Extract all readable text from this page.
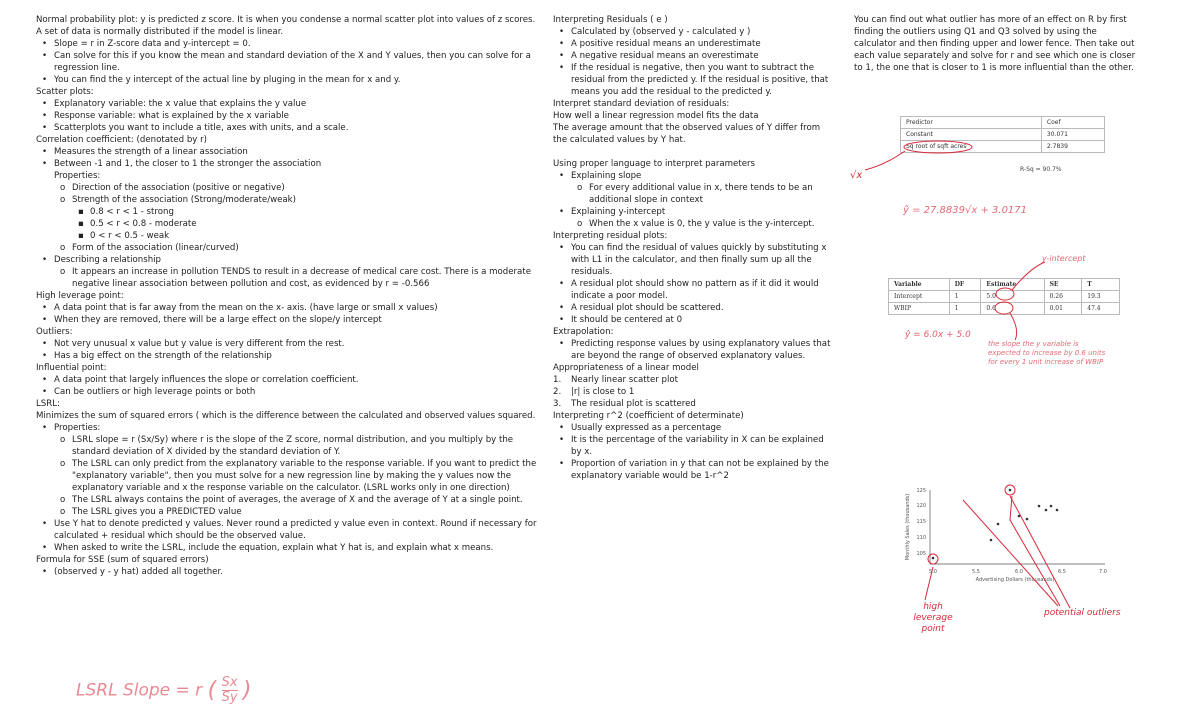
Normal probability plot: y is predicted z score. It is when you condense a normal scatter plot into values of z scores. A set of data is normally distributed if the model is linear.
• Slope = r in Z-score data and y-intercept = 0.
• Can solve for this if you know the mean and standard deviation of the X and Y values, then you can solve for a regression line.
• You can find the y intercept of the actual line by pluging in the mean for x and y.
Scatter plots:
• Explanatory variable: the x value that explains the y value
• Response variable: what is explained by the x variable
• Scatterplots you want to include a title, axes with units, and a scale.
Correlation coefficient: (denotated by r)
• Measures the strength of a linear association
• Between -1 and 1, the closer to 1 the stronger the association
Properties:
o Direction of the association (positive or negative)
o Strength of the association (Strong/moderate/weak)
▪ 0.8 < r < 1 - strong
▪ 0.5 < r < 0.8 - moderate
▪ 0 < r < 0.5 - weak
o Form of the association (linear/curved)
• Describing a relationship
o It appears an increase in pollution TENDS to result in a decrease of medical care cost. There is a moderate negative linear association between pollution and cost, as evidenced by r = -0.566
High leverage point:
• A data point that is far away from the mean on the x- axis. (have large or small x values)
• When they are removed, there will be a large effect on the slope/y intercept
Outliers:
• Not very unusual x value but y value is very different from the rest.
• Has a big effect on the strength of the relationship
Influential point:
• A data point that largely influences the slope or correlation coefficient.
• Can be outliers or high leverage points or both
LSRL:
Minimizes the sum of squared errors ( which is the difference between the calculated and observed values squared.
• Properties:
o LSRL slope = r (Sx/Sy) where r is the slope of the Z score, normal distribution, and you multiply by the standard deviation of X divided by the standard deviation of Y.
o The LSRL can only predict from the explanatory variable to the response variable. If you want to predict the "explanatory variable", then you must solve for a new regression line by making the y values now the explanatory variable and x the response variable on the calculator. (LSRL works only in one direction)
o The LSRL always contains the point of averages, the average of X and the average of Y at a single point.
o The LSRL gives you a PREDICTED value
• Use Y hat to denote predicted y values. Never round a predicted y value even in context. Round if necessary for calculated + residual which should be the observed value.
• When asked to write the LSRL, include the equation, explain what Y hat is, and explain what x means.
Formula for SSE (sum of squared errors)
• (observed y - y hat) added all together.
Interpreting Residuals ( e )
• Calculated by (observed y - calculated y )
• A positive residual means an underestimate
• A negative residual means an overestimate
• If the residual is negative, then you want to subtract the residual from the predicted y. If the residual is positive, that means you add the residual to the predicted y.
Interpret standard deviation of residuals:
How well a linear regression model fits the data
The average amount that the observed values of Y differ from the calculated values by Y hat.
Using proper language to interpret parameters
• Explaining slope
o For every additional value in x, there tends to be an additional slope in context
• Explaining y-intercept
o When the x value is 0, the y value is the y-intercept.
Interpreting residual plots:
• You can find the residual of values quickly by substituting x with L1 in the calculator, and then finally sum up all the residuals.
• A residual plot should show no pattern as if it did it would indicate a poor model.
• A residual plot should be scattered.
• It should be centered at 0
Extrapolation:
• Predicting response values by using explanatory values that are beyond the range of observed explanatory values.
Appropriateness of a linear model
1. Nearly linear scatter plot
2. |r| is close to 1
3. The residual plot is scattered
Interpreting r^2 (coefficient of determinate)
• Usually expressed as a percentage
• It is the percentage of the variability in X can be explained by x.
• Proportion of variation in y that can not be explained by the explanatory variable would be 1-r^2
You can find out what outlier has more of an effect on R by first finding the outliers using Q1 and Q3 solved by using the calculator and then finding upper and lower fence. Then take out each value separately and solve for r and see which one is closer to 1, the one that is closer to 1 is more influential than the other.
Predictor	Coef
Constant	30.071
Sq root of sqft acres	2.7839
R-Sq = 90.7%
Variable	DF	Estimate	SE	T
Intercept	1	5.0	0.26	19.3
WBIP	1	0.6	0.01	47.4
125
120
115
110
105
5.0	5.5	6.0	6.5	7.0
Advertising Dollars (thousands)
Monthly Sales (thousands)
LSRL Slope = r ( $\frac{Sx}{Sy}$ )
√x
ŷ = 27.8839√x + 3.0171
y-intercept
ŷ = 6.0x + 5.0
the slope the y variable is expected to increase by 0.6 units for every 1 unit increase of WBIP
high leverage point
potential outliers
